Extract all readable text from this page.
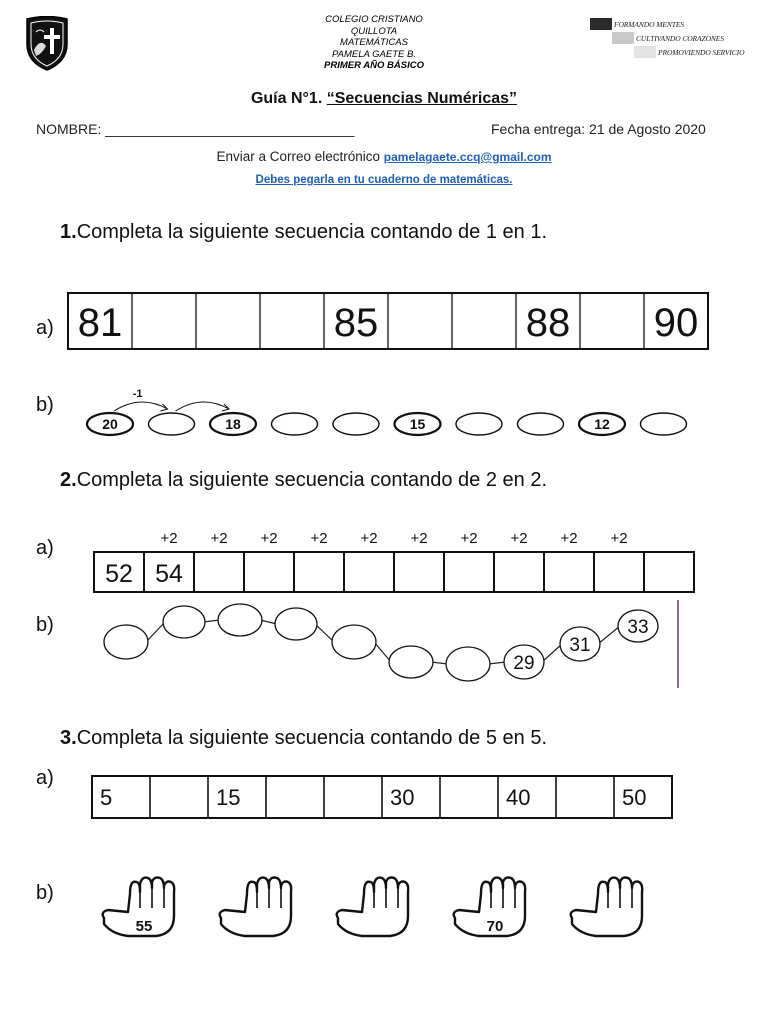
COLEGIO CRISTIANO
QUILLOTA
MATEMÁTICAS
PAMELA GAETE B.
PRIMER AÑO BÁSICO
FORMANDO MENTES
CULTIVANDO CORAZONES
PROMOVIENDO SERVICIO
Guía N°1. “Secuencias Numéricas”
NOMBRE: ________________________________	Fecha entrega: 21 de Agosto 2020
Enviar a Correo electrónico pamelagaete.ccq@gmail.com
Debes pegarla en tu cuaderno de matemáticas.
1.Completa la siguiente secuencia contando de 1 en 1.
a) 81	85	88 90
b)
20	18	15	12
-1
2.Completa la siguiente secuencia contando de 2 en 2.
a)
52 54
+2 +2 +2 +2 +2 +2 +2 +2 +2 +2
b)
29
31
33
3.Completa la siguiente secuencia contando de 5 en 5.
a)
5	15	30	40	50
b)
55	70
